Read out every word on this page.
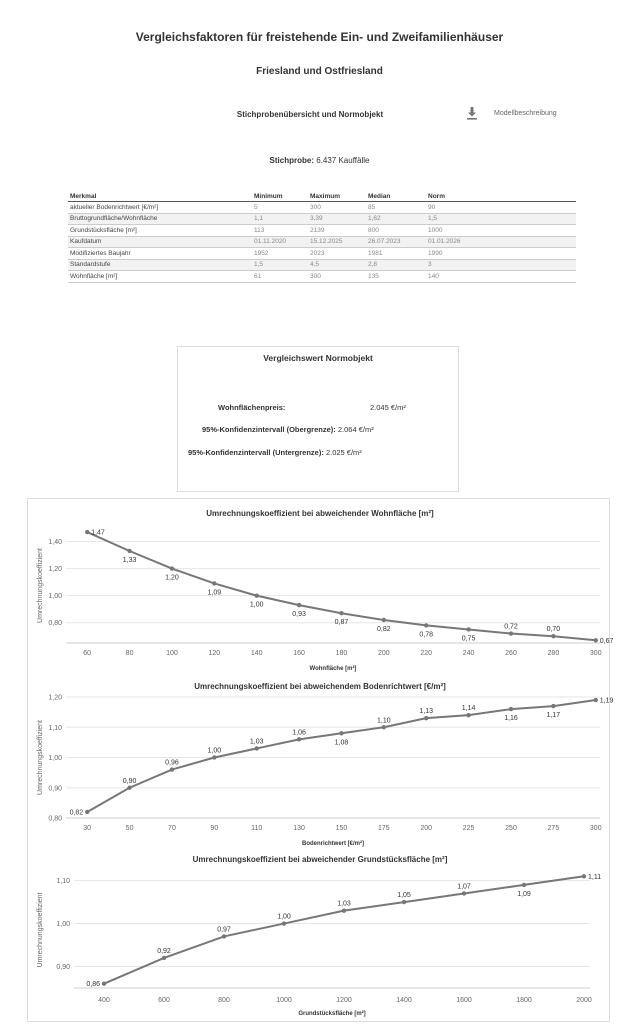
Vergleichsfaktoren für freistehende Ein- und Zweifamilienhäuser
Friesland und Ostfriesland
Stichprobenübersicht und Normobjekt	Modellbeschreibung
Stichprobe: 6.437 Kauffälle
Merkmal	Minimum	Maximum	Median	Norm
aktueller Bodenrichtwert [€/m²]	5	300	85	90
Bruttogrundfläche/Wohnfläche	1,1	3,39	1,62	1,5
Grundstücksfläche [m²]	113	2139	800	1000
Kaufdatum	01.11.2020	15.12.2025	26.07.2023	01.01.2026
Modifiziertes Baujahr	1952	2023	1981	1990
Standardstufe	1,5	4,5	2,8	3
Wohnfläche [m²]	61	300	135	140
Vergleichswert Normobjekt
Wohnflächenpreis:	2.045 €/m²
95%-Konfidenzintervall (Obergrenze): 2.064 €/m²
95%-Konfidenzintervall (Untergrenze): 2.025 €/m²
Umrechnungskoeffizient bei abweichender Wohnfläche [m²]
Umrechnungskoeffizient
0,80
1,00
1,20
1,40
60	80	100	120	140	160	180	200	220	240	260	280	300
Wohnfläche [m²]
1,47
1,33
1,20
1,09
1,00
0,93
0,87
0,82
0,78
0,75
0,72	0,70
0,67
Umrechnungskoeffizient bei abweichendem Bodenrichtwert [€/m²]
Umrechnungskoeffizient
0,80
0,90
1,00
1,10
1,20
30	50	70	90	110	130	150	175	200	225	250	275	300
Bodenrichtwert [€/m²]
0,82
0,90
0,96
1,00
1,03
1,06
1,08
1,10
1,13	1,14
1,16	1,17
1,19
Umrechnungskoeffizient bei abweichender Grundstücksfläche [m²]
Umrechnungskoeffizient
0,90
1,00
1,10
400	600	800	1000	1200	1400	1600	1800	2000
Grundstücksfläche [m²]
0,86
0,92
0,97
1,00
1,03
1,05
1,07
1,09
1,11
